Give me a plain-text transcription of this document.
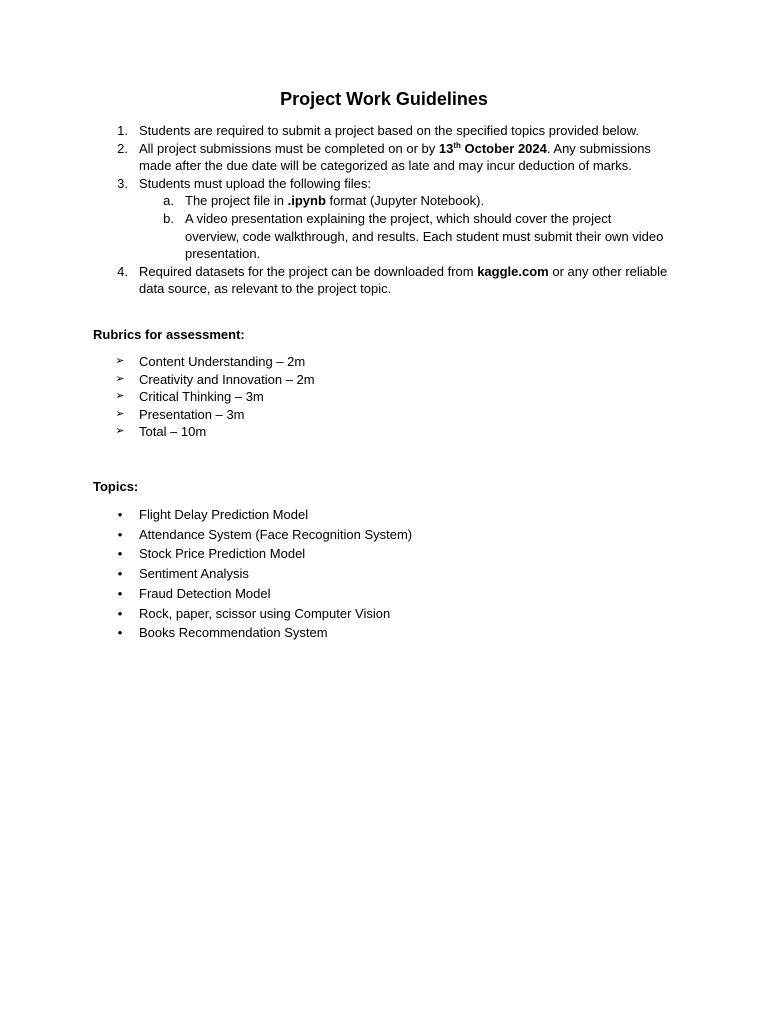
Project Work Guidelines
1. Students are required to submit a project based on the specified topics provided below.
2. All project submissions must be completed on or by 13th October 2024. Any submissions made after the due date will be categorized as late and may incur deduction of marks.
3. Students must upload the following files:
a. The project file in .ipynb format (Jupyter Notebook).
b. A video presentation explaining the project, which should cover the project overview, code walkthrough, and results. Each student must submit their own video presentation.
4. Required datasets for the project can be downloaded from kaggle.com or any other reliable data source, as relevant to the project topic.
Rubrics for assessment:
➢ Content Understanding – 2m
➢ Creativity and Innovation – 2m
➢ Critical Thinking – 3m
➢ Presentation – 3m
➢ Total – 10m
Topics:
•	Flight Delay Prediction Model
•	Attendance System (Face Recognition System)
•	Stock Price Prediction Model
•	Sentiment Analysis
•	Fraud Detection Model
•	Rock, paper, scissor using Computer Vision
•	Books Recommendation System
